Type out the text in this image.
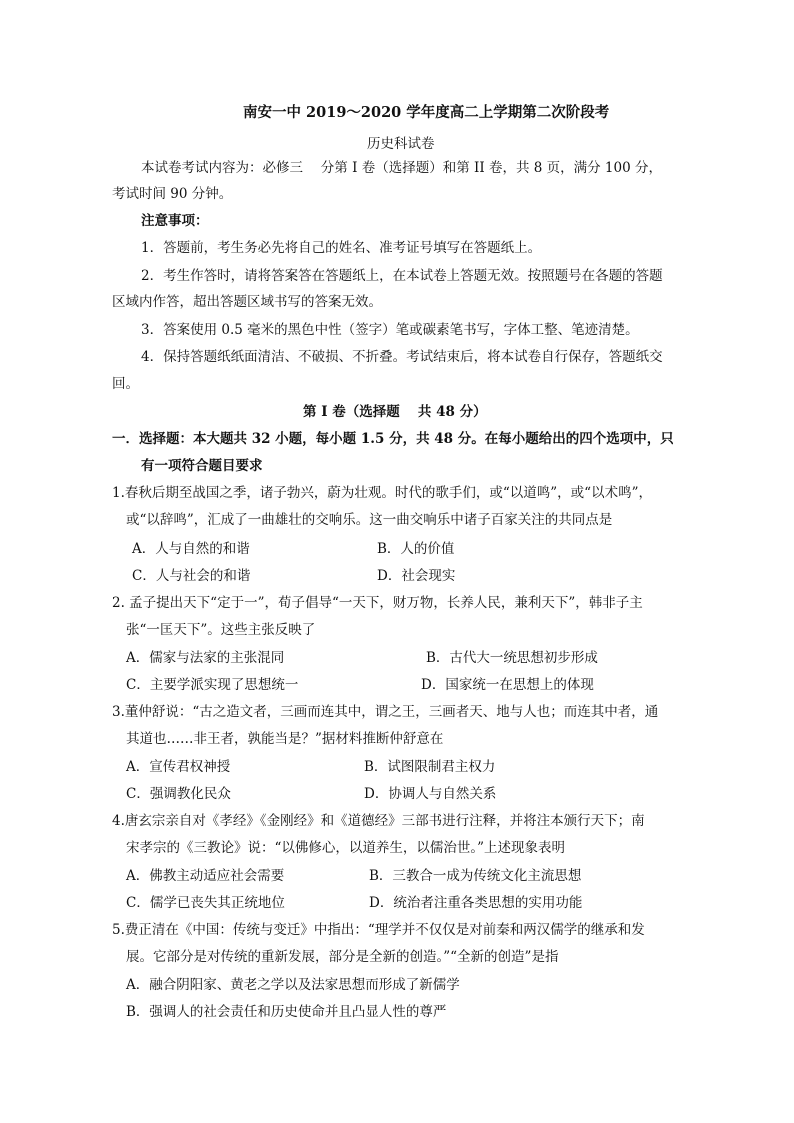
南安一中 2019～2020 学年度高二上学期第二次阶段考
历史科试卷
本试卷考试内容为：必修三　 分第 I 卷（选择题）和第 II 卷，共 8 页，满分 100 分，
考试时间 90 分钟。
注意事项：
1．答题前，考生务必先将自己的姓名、准考证号填写在答题纸上。
2．考生作答时，请将答案答在答题纸上，在本试卷上答题无效。按照题号在各题的答题
区域内作答，超出答题区域书写的答案无效。
3．答案使用 0.5 毫米的黑色中性（签字）笔或碳素笔书写，字体工整、笔迹清楚。
4．保持答题纸纸面清洁、不破损、不折叠。考试结束后，将本试卷自行保存，答题纸交
回。
第 I 卷（选择题　 共 48 分）
一．选择题：本大题共 32 小题，每小题 1.5 分，共 48 分。在每小题给出的四个选项中，只
有一项符合题目要求
1.春秋后期至战国之季，诸子勃兴，蔚为壮观。时代的歌手们，或“以道鸣”，或“以术鸣”，
或“以辞鸣”，汇成了一曲雄壮的交响乐。这一曲交响乐中诸子百家关注的共同点是
A．人与自然的和谐	B．人的价值
C．人与社会的和谐	D．社会现实
2. 孟子提出天下“定于一”，荀子倡导“一天下，财万物，长养人民，兼利天下”，韩非子主
张“一匡天下”。这些主张反映了
A．儒家与法家的主张混同	B．古代大一统思想初步形成
C．主要学派实现了思想统一	D．国家统一在思想上的体现
3.董仲舒说：“古之造文者，三画而连其中，谓之王，三画者天、地与人也；而连其中者，通
其道也……非王者，孰能当是？”据材料推断仲舒意在
A．宣传君权神授	B．试图限制君主权力
C．强调教化民众	D．协调人与自然关系
4.唐玄宗亲自对《孝经》《金刚经》和《道德经》三部书进行注释，并将注本颁行天下；南
宋孝宗的《三教论》说：“以佛修心，以道养生，以儒治世。”上述现象表明
A．佛教主动适应社会需要	B．三教合一成为传统文化主流思想
C．儒学已丧失其正统地位	D．统治者注重各类思想的实用功能
5.费正清在《中国：传统与变迁》中指出：“理学并不仅仅是对前秦和两汉儒学的继承和发
展。它部分是对传统的重新发展，部分是全新的创造。”“全新的创造”是指
A．融合阴阳家、黄老之学以及法家思想而形成了新儒学
B．强调人的社会责任和历史使命并且凸显人性的尊严
